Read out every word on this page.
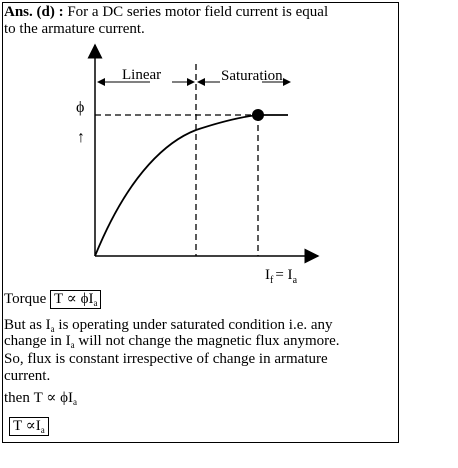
Ans. (d) : For a DC series motor field current is equal
to the armature current.
Linear	Saturation
ϕ
↑
$I_f = I_a$
Torque $T \propto \phi I_a$
But as $I_a$ is operating under saturated condition i.e. any
change in $I_a$ will not change the magnetic flux anymore.
So, flux is constant irrespective of change in armature
current.
then $T \propto \phi I_a$
$T \propto I_a$
